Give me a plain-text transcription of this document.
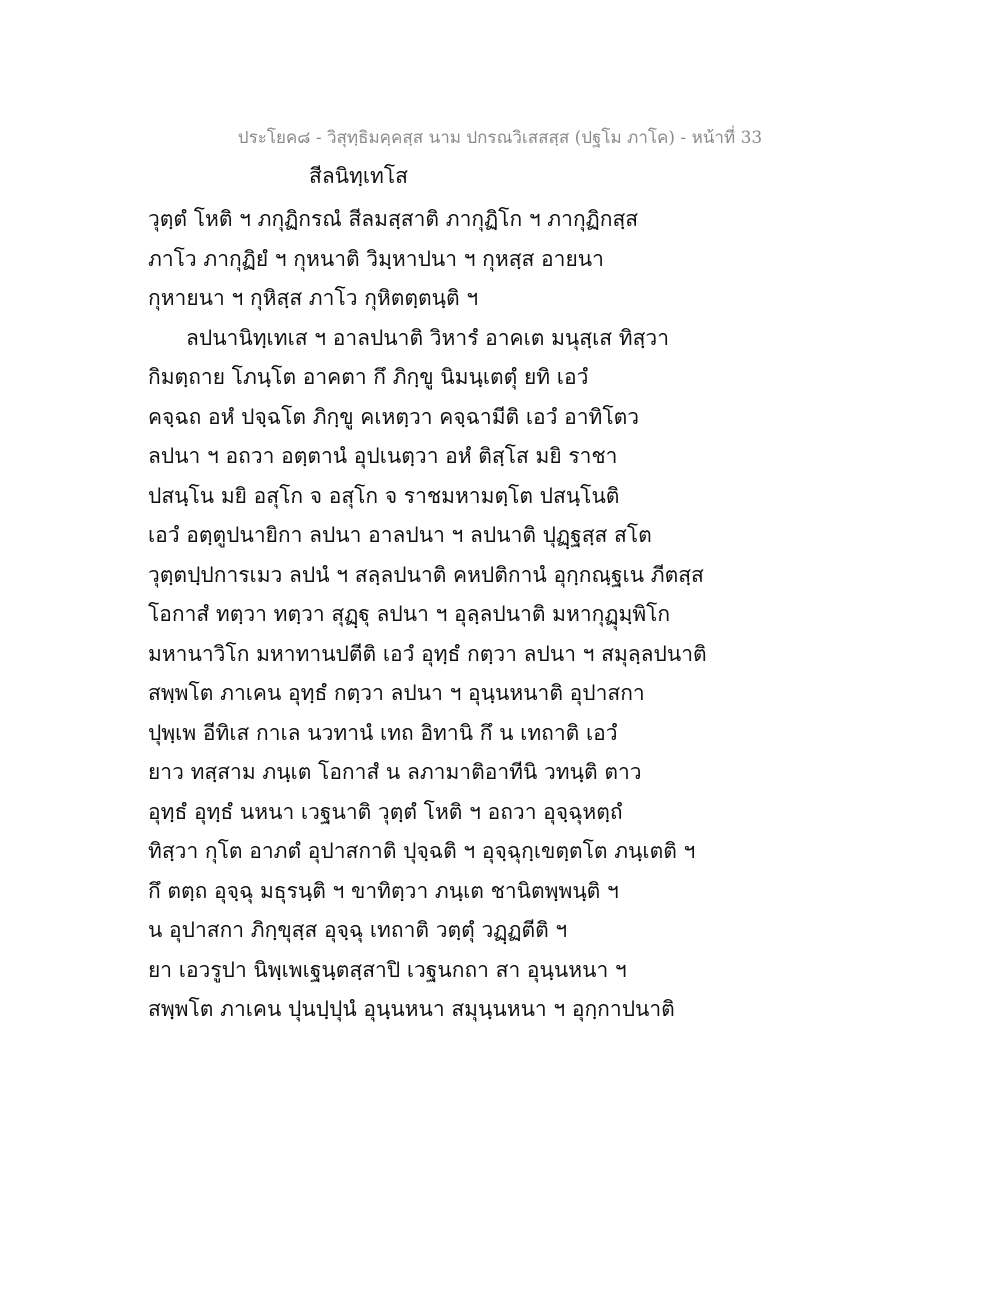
ประโยค๘ - วิสุทฺธิมคฺคสฺส นาม ปกรณวิเสสสฺส (ปฐโม ภาโค) - หน้าที่ 33
สีลนิทฺเทโส
วุตฺตํ โหติ ฯ ภกุฏิกรณํ สีลมสฺสาติ ภากุฏิโก ฯ ภากุฏิกสฺส
ภาโว ภากุฏิยํ ฯ กุหนาติ วิมฺหาปนา ฯ กุหสฺส อายนา
กุหายนา ฯ กุหิสฺส ภาโว กุหิตตฺตนฺติ ฯ
ลปนานิทฺเทเส ฯ อาลปนาติ วิหารํ อาคเต มนุสฺเส ทิสฺวา
กิมตฺถาย โภนฺโต อาคตา กึ ภิกฺขู นิมนฺเตตุํ ยทิ เอวํ
คจฺฉถ อหํ ปจฺฉโต ภิกฺขู คเหตฺวา คจฺฉามีติ เอวํ อาทิโตว
ลปนา ฯ อถวา อตฺตานํ อุปเนตฺวา อหํ ติสฺโส มยิ ราชา
ปสนฺโน มยิ อสุโก จ อสุโก จ ราชมหามตฺโต ปสนฺโนติ
เอวํ อตฺตูปนายิกา ลปนา อาลปนา ฯ ลปนาติ ปุฏฺฐสฺส สโต
วุตฺตปฺปการเมว ลปนํ ฯ สลฺลปนาติ คหปติกานํ อุกฺกณฺฐเน ภีตสฺส
โอกาสํ ทตฺวา ทตฺวา สุฏฺฐุ ลปนา ฯ อุลฺลปนาติ มหากุฏุมฺพิโก
มหานาวิโก มหาทานปตีติ เอวํ อุทฺธํ กตฺวา ลปนา ฯ สมุลฺลปนาติ
สพฺพโต ภาเคน อุทฺธํ กตฺวา ลปนา ฯ อุนฺนหนาติ อุปาสกา
ปุพฺเพ อีทิเส กาเล นวทานํ เทถ อิทานิ กึ น เทถาติ เอวํ
ยาว ทสฺสาม ภนฺเต โอกาสํ น ลภามาติอาทีนิ วทนฺติ ตาว
อุทฺธํ อุทฺธํ นหนา เวฐนาติ วุตฺตํ โหติ ฯ อถวา อุจฺฉุหตฺถํ
ทิสฺวา กุโต อาภตํ อุปาสกาติ ปุจฺฉติ ฯ อุจฺฉุกฺเขตฺตโต ภนฺเตติ ฯ
กึ ตตฺถ อุจฺฉุ มธุรนฺติ ฯ ขาทิตฺวา ภนฺเต ชานิตพฺพนฺติ ฯ
น อุปาสกา ภิกฺขุสฺส อุจฺฉุ เทถาติ วตฺตุํ วฏฺฏตีติ ฯ
ยา เอวรูปา นิพฺเพเฐนฺตสฺสาปิ เวฐนกถา สา อุนฺนหนา ฯ
สพฺพโต ภาเคน ปุนปฺปุนํ อุนฺนหนา สมุนฺนหนา ฯ อุกฺกาปนาติ
